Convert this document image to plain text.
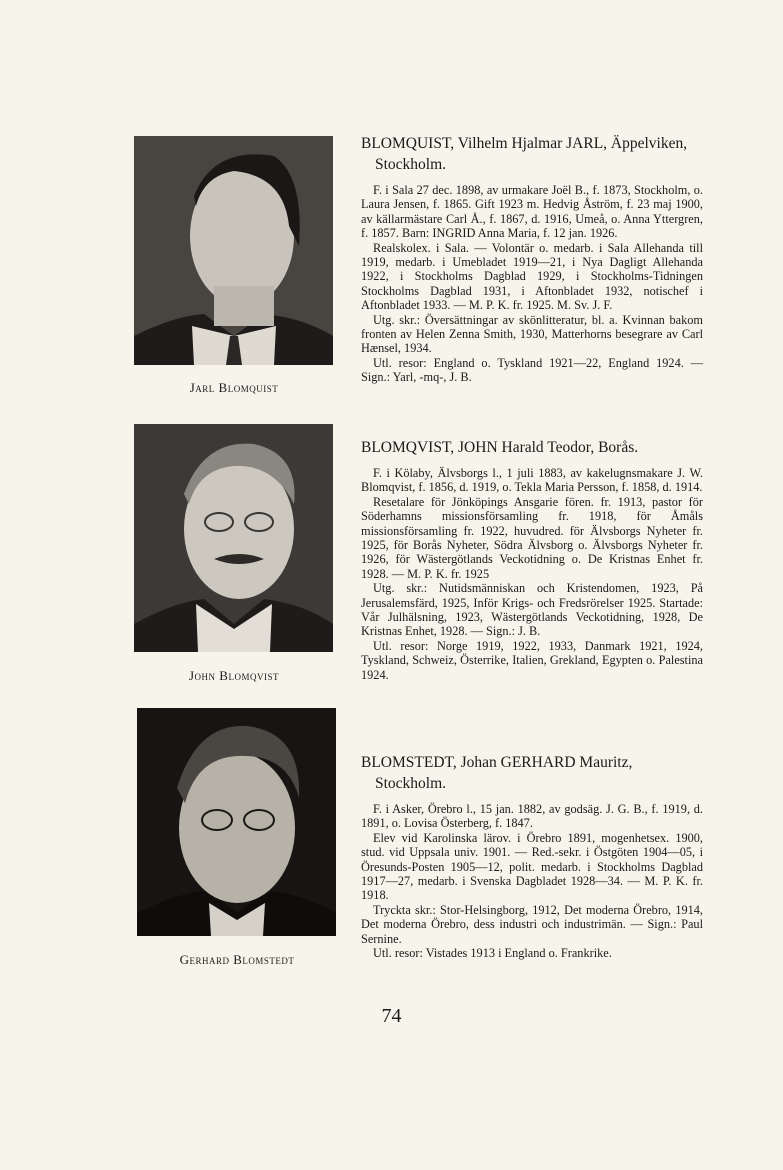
Jarl Blomquist
John Blomqvist
Gerhard Blomstedt

BLOMQUIST, Vilhelm Hjalmar JARL, Äppelviken, Stockholm.

F. i Sala 27 dec. 1898, av urmakare Joël B., f. 1873, Stockholm, o. Laura Jensen, f. 1865. Gift 1923 m. Hedvig Åström, f. 23 maj 1900, av källarmästare Carl Å., f. 1867, d. 1916, Umeå, o. Anna Yttergren, f. 1857. Barn: INGRID Anna Maria, f. 12 jan. 1926.

Realskolex. i Sala. — Volontär o. medarb. i Sala Allehanda till 1919, medarb. i Umebladet 1919—21, i Nya Dagligt Allehanda 1922, i Stockholms Dagblad 1929, i Stockholms-Tidningen Stockholms Dagblad 1931, i Aftonbladet 1932, notischef i Aftonbladet 1933. — M. P. K. fr. 1925. M. Sv. J. F.

Utg. skr.: Översättningar av skönlitteratur, bl. a. Kvinnan bakom fronten av Helen Zenna Smith, 1930, Matterhorns besegrare av Carl Hænsel, 1934.

Utl. resor: England o. Tyskland 1921—22, England 1924. — Sign.: Yarl, -mq-, J. B.

BLOMQVIST, JOHN Harald Teodor, Borås.

F. i Kölaby, Älvsborgs l., 1 juli 1883, av kakelugnsmakare J. W. Blomqvist, f. 1856, d. 1919, o. Tekla Maria Persson, f. 1858, d. 1914.

Resetalare för Jönköpings Ansgarie fören. fr. 1913, pastor för Söderhamns missionsförsamling fr. 1918, för Åmåls missionsförsamling fr. 1922, huvudred. för Älvsborgs Nyheter fr. 1925, för Borås Nyheter, Södra Älvsborg o. Älvsborgs Nyheter fr. 1926, för Wästergötlands Veckotidning o. De Kristnas Enhet fr. 1928. — M. P. K. fr. 1925

Utg. skr.: Nutidsmänniskan och Kristendomen, 1923, På Jerusalemsfärd, 1925, Inför Krigs- och Fredsrörelser 1925. Startade: Vår Julhälsning, 1923, Wästergötlands Veckotidning, 1928, De Kristnas Enhet, 1928. — Sign.: J. B.

Utl. resor: Norge 1919, 1922, 1933, Danmark 1921, 1924, Tyskland, Schweiz, Österrike, Italien, Grekland, Egypten o. Palestina 1924.

BLOMSTEDT, Johan GERHARD Mauritz, Stockholm.

F. i Asker, Örebro l., 15 jan. 1882, av godsäg. J. G. B., f. 1919, d. 1891, o. Lovisa Österberg, f. 1847.

Elev vid Karolinska lärov. i Örebro 1891, mogenhetsex. 1900, stud. vid Uppsala univ. 1901. — Red.-sekr. i Östgöten 1904—05, i Öresunds-Posten 1905—12, polit. medarb. i Stockholms Dagblad 1917—27, medarb. i Svenska Dagbladet 1928—34. — M. P. K. fr. 1918.

Tryckta skr.: Stor-Helsingborg, 1912, Det moderna Örebro, 1914, Det moderna Örebro, dess industri och industrimän. — Sign.: Paul Sernine.

Utl. resor: Vistades 1913 i England o. Frankrike.

74
